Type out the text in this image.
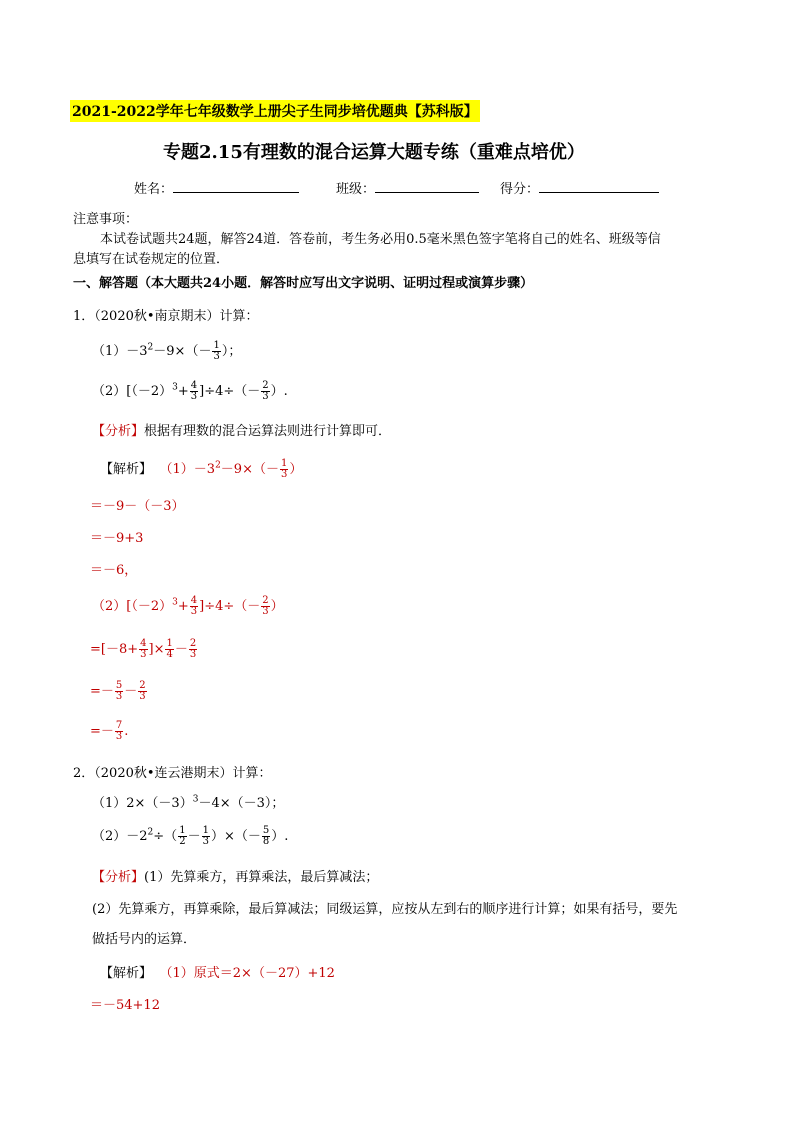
2021-2022学年七年级数学上册尖子生同步培优题典【苏科版】
专题2.15有理数的混合运算大题专练（重难点培优）
姓名：	班级：	得分：
注意事项：
本试卷试题共24题，解答24道．答卷前，考生务必用0.5毫米黑色签字笔将自己的姓名、班级等信
息填写在试卷规定的位置．
一、解答题（本大题共24小题．解答时应写出文字说明、证明过程或演算步骤）
1．（2020秋•南京期末）计算：
$(1)-3^2-9\times(- \frac{1}{3}$ ）；
$(2)[(-2)^3+ \frac{4}{3} ]\div 4\div(- \frac{2}{3}$ ）.
【分析】根据有理数的混合运算法则进行计算即可．
【解析】 $(1)-3^2-9\times(- \frac{1}{3}$ ）
＝－9－（－3）
＝－9+3
＝－6，
$(2)[(-2)^3+ \frac{4}{3} ]\div 4\div(- \frac{2}{3}$ ）
$=[-8+ \frac{4}{3}$ ]× $\frac{1}{4} - \frac{2}{3}$
=－ $\frac{5}{3} - \frac{2}{3}$
=－ $\frac{7}{3}$ .
2．（2020秋•连云港期末）计算：
$(1)2\times(-3)^3-4\times(-3)$；
$(2)-2^2\div( \frac{1}{2} - \frac{1}{3}$ ）×（－ $\frac{5}{8}$ ）.
【分析】(1）先算乘方，再算乘法，最后算减法；
(2）先算乘方，再算乘除，最后算减法；同级运算，应按从左到右的顺序进行计算；如果有括号，要先
做括号内的运算．
【解析】 （1）原式＝2×（－27）+12
＝－54+12
